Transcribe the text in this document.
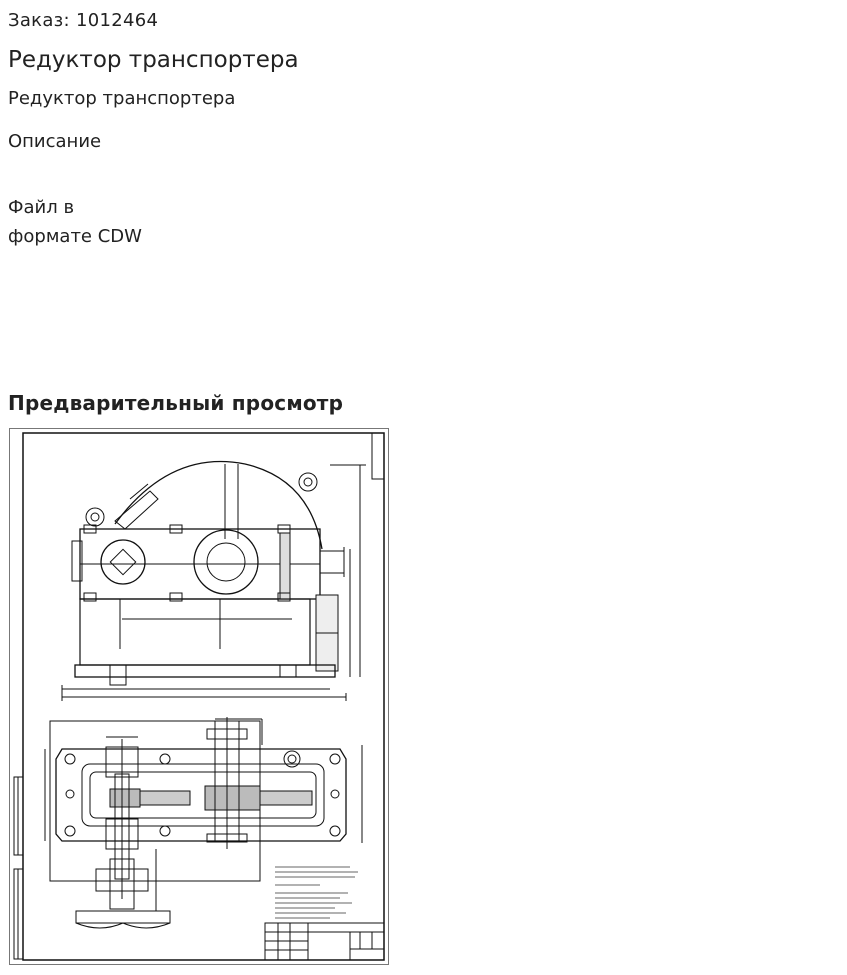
Заказ: 1012464
Редуктор транспортера
Редуктор транспортера
Описание
Файл в
формате CDW
Предварительный просмотр
